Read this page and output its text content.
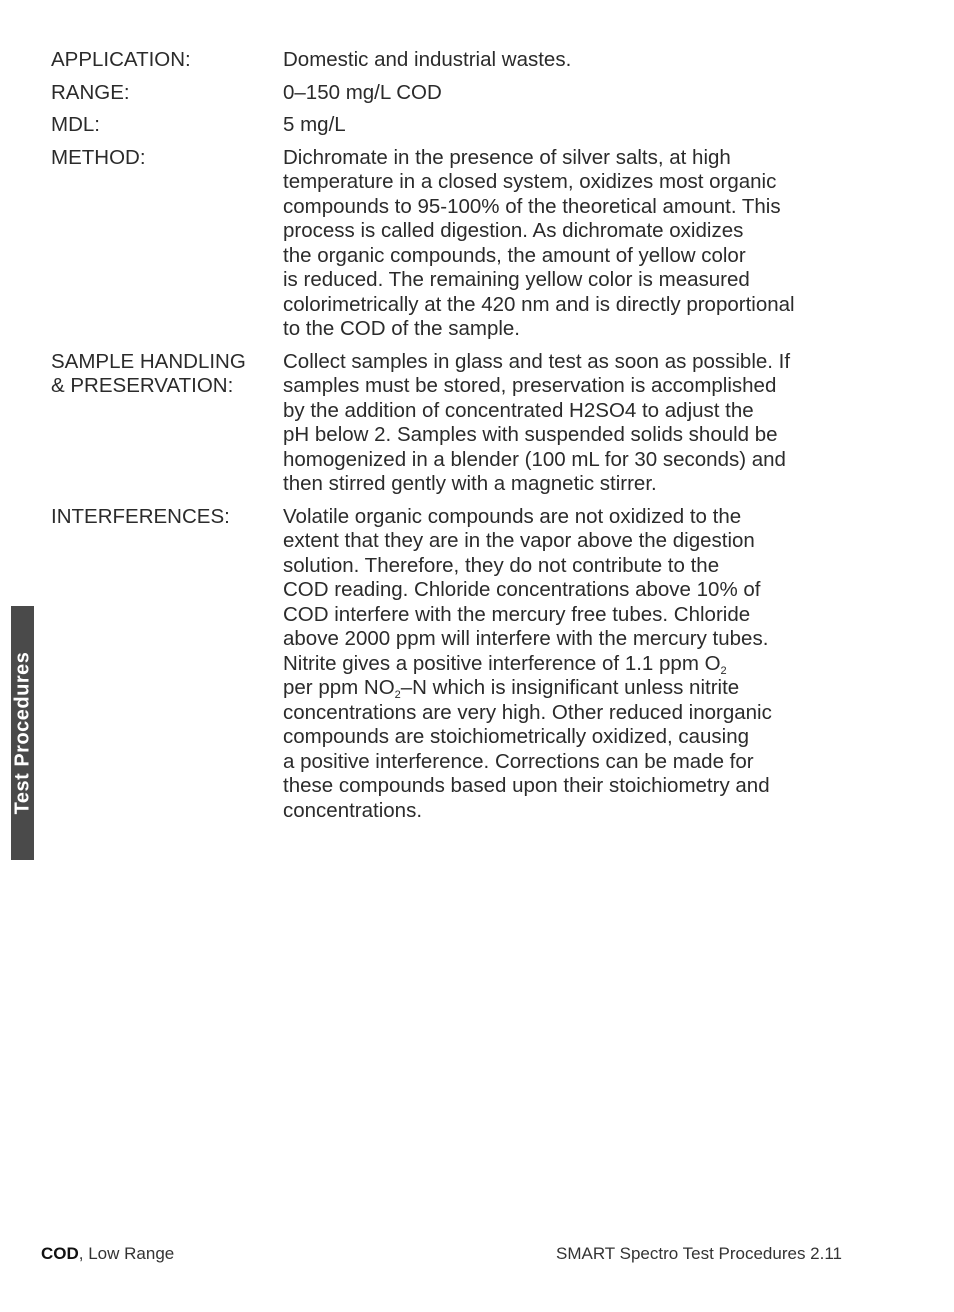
APPLICATION:	Domestic and industrial wastes.
RANGE:	0–150 mg/L COD
MDL:	5 mg/L
METHOD:	Dichromate in the presence of silver salts, at high
temperature in a closed system, oxidizes most organic
compounds to 95-100% of the theoretical amount. This
process is called digestion. As dichromate oxidizes
the organic compounds, the amount of yellow color
is reduced. The remaining yellow color is measured
colorimetrically at the 420 nm and is directly proportional
to the COD of the sample.
SAMPLE HANDLING
& PRESERVATION:
Collect samples in glass and test as soon as possible. If
samples must be stored, preservation is accomplished
by the addition of concentrated H2SO4 to adjust the
pH below 2. Samples with suspended solids should be
homogenized in a blender (100 mL for 30 seconds) and
then stirred gently with a magnetic stirrer.
INTERFERENCES:	Volatile organic compounds are not oxidized to the
extent that they are in the vapor above the digestion
solution. Therefore, they do not contribute to the
COD reading. Chloride concentrations above 10% of
COD interfere with the mercury free tubes. Chloride
above 2000 ppm will interfere with the mercury tubes.
Nitrite gives a positive interference of 1.1 ppm $O_2$
per ppm $NO_2-N$ which is insignificant unless nitrite
concentrations are very high. Other reduced inorganic
compounds are stoichiometrically oxidized, causing
a positive interference. Corrections can be made for
these compounds based upon their stoichiometry and
concentrations.
Test Procedures
COD, Low Range	SMART Spectro Test Procedures 2.11
